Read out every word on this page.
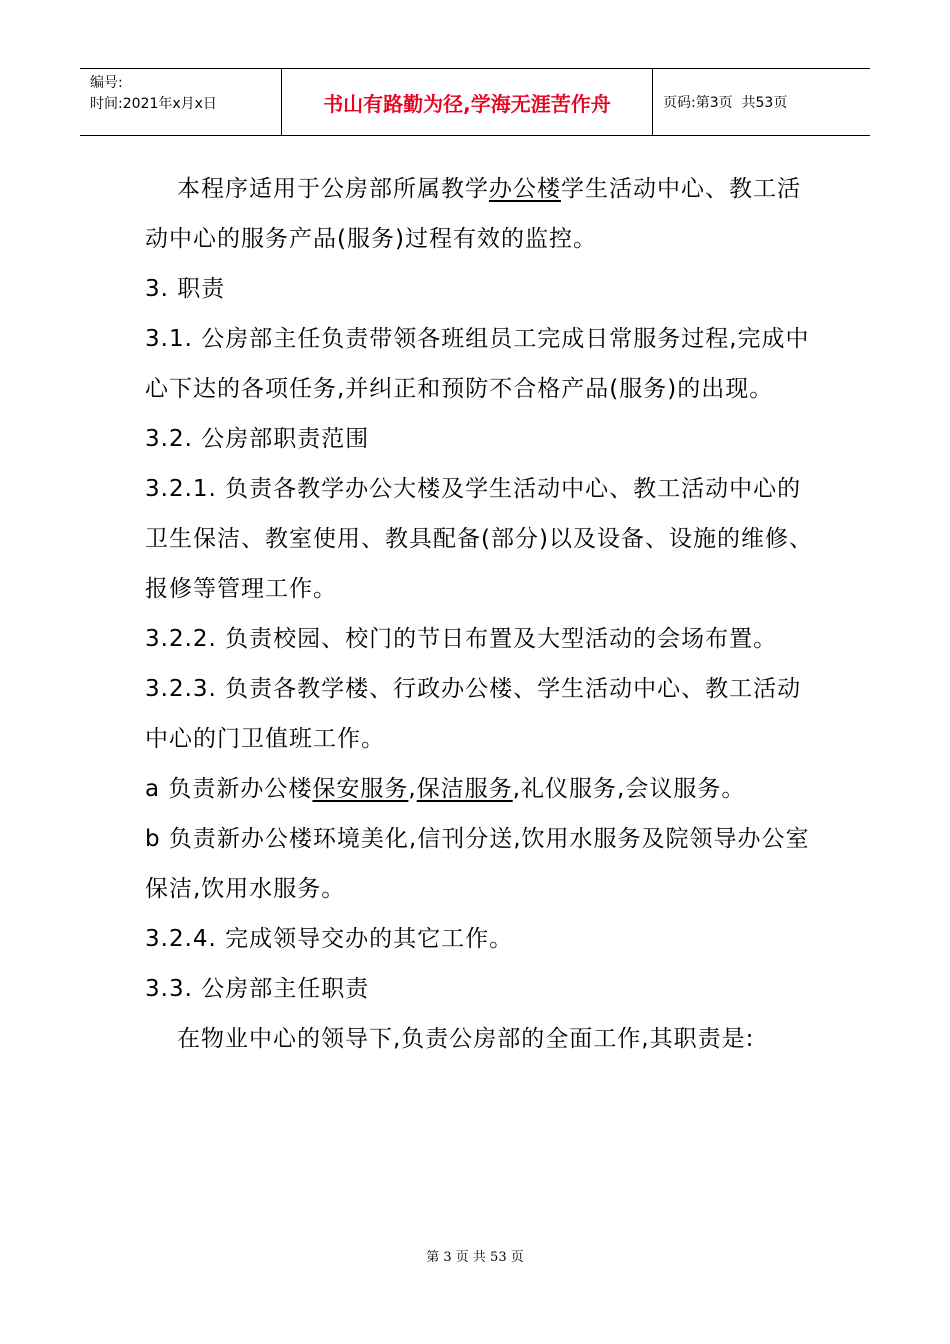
编号:
时间:2021年x月x日	书山有路勤为径,学海无涯苦作舟	页码:第3页  共53页

本程序适用于公房部所属教学办公楼学生活动中心、教工活动中心的服务产品(服务)过程有效的监控。

3. 职责

3.1. 公房部主任负责带领各班组员工完成日常服务过程,完成中心下达的各项任务,并纠正和预防不合格产品(服务)的出现。

3.2. 公房部职责范围

3.2.1. 负责各教学办公大楼及学生活动中心、教工活动中心的卫生保洁、教室使用、教具配备(部分)以及设备、设施的维修、报修等管理工作。

3.2.2. 负责校园、校门的节日布置及大型活动的会场布置。

3.2.3. 负责各教学楼、行政办公楼、学生活动中心、教工活动中心的门卫值班工作。

a 负责新办公楼保安服务,保洁服务,礼仪服务,会议服务。

b 负责新办公楼环境美化,信刊分送,饮用水服务及院领导办公室保洁,饮用水服务。

3.2.4. 完成领导交办的其它工作。

3.3. 公房部主任职责

在物业中心的领导下,负责公房部的全面工作,其职责是:

第 3 页 共 53 页
